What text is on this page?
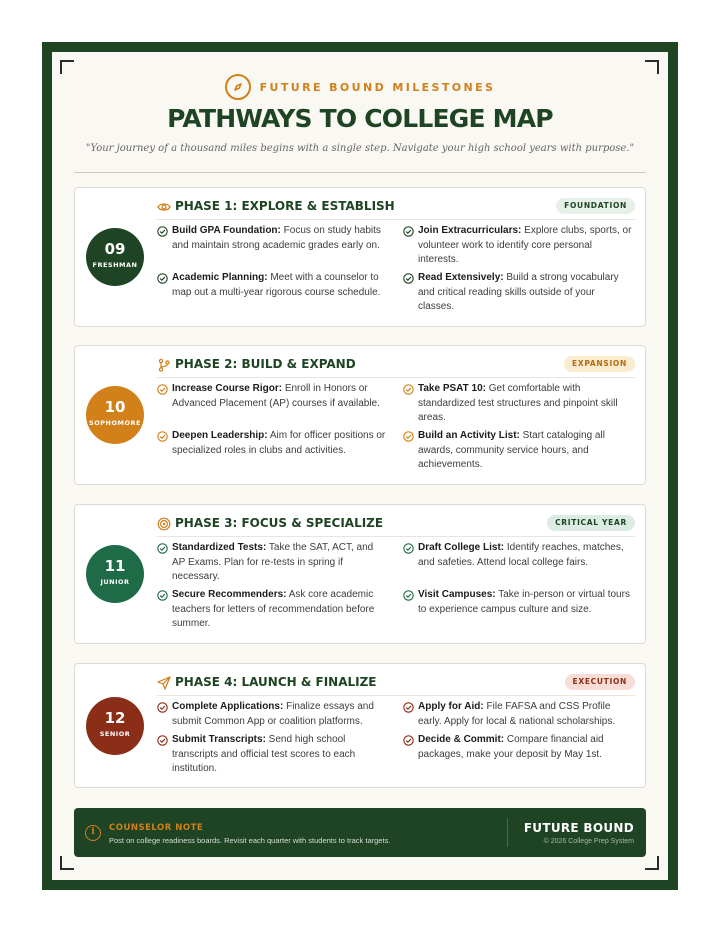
FUTURE BOUND MILESTONES
PATHWAYS TO COLLEGE MAP
"Your journey of a thousand miles begins with a single step. Navigate your high school years with purpose."
09
FRESHMAN
PHASE 1: EXPLORE & ESTABLISH	FOUNDATION
Build GPA Foundation: Focus on study habits and maintain strong academic grades early on.
Join Extracurriculars: Explore clubs, sports, or volunteer work to identify core personal interests.
Academic Planning: Meet with a counselor to map out a multi-year rigorous course schedule.
Read Extensively: Build a strong vocabulary and critical reading skills outside of your classes.
10
SOPHOMORE
PHASE 2: BUILD & EXPAND	EXPANSION
Increase Course Rigor: Enroll in Honors or Advanced Placement (AP) courses if available.
Take PSAT 10: Get comfortable with standardized test structures and pinpoint skill areas.
Deepen Leadership: Aim for officer positions or specialized roles in clubs and activities.
Build an Activity List: Start cataloging all awards, community service hours, and achievements.
11
JUNIOR
PHASE 3: FOCUS & SPECIALIZE	CRITICAL YEAR
Standardized Tests: Take the SAT, ACT, and AP Exams. Plan for re-tests in spring if necessary.
Draft College List: Identify reaches, matches, and safeties. Attend local college fairs.
Secure Recommenders: Ask core academic teachers for letters of recommendation before summer.
Visit Campuses: Take in-person or virtual tours to experience campus culture and size.
12
SENIOR
PHASE 4: LAUNCH & FINALIZE	EXECUTION
Complete Applications: Finalize essays and submit Common App or coalition platforms.
Apply for Aid: File FAFSA and CSS Profile early. Apply for local & national scholarships.
Submit Transcripts: Send high school transcripts and official test scores to each institution.
Decide & Commit: Compare financial aid packages, make your deposit by May 1st.
i	COUNSELOR NOTE
Post on college readiness boards. Revisit each quarter with students to track targets.
FUTURE BOUND
© 2026 College Prep System
